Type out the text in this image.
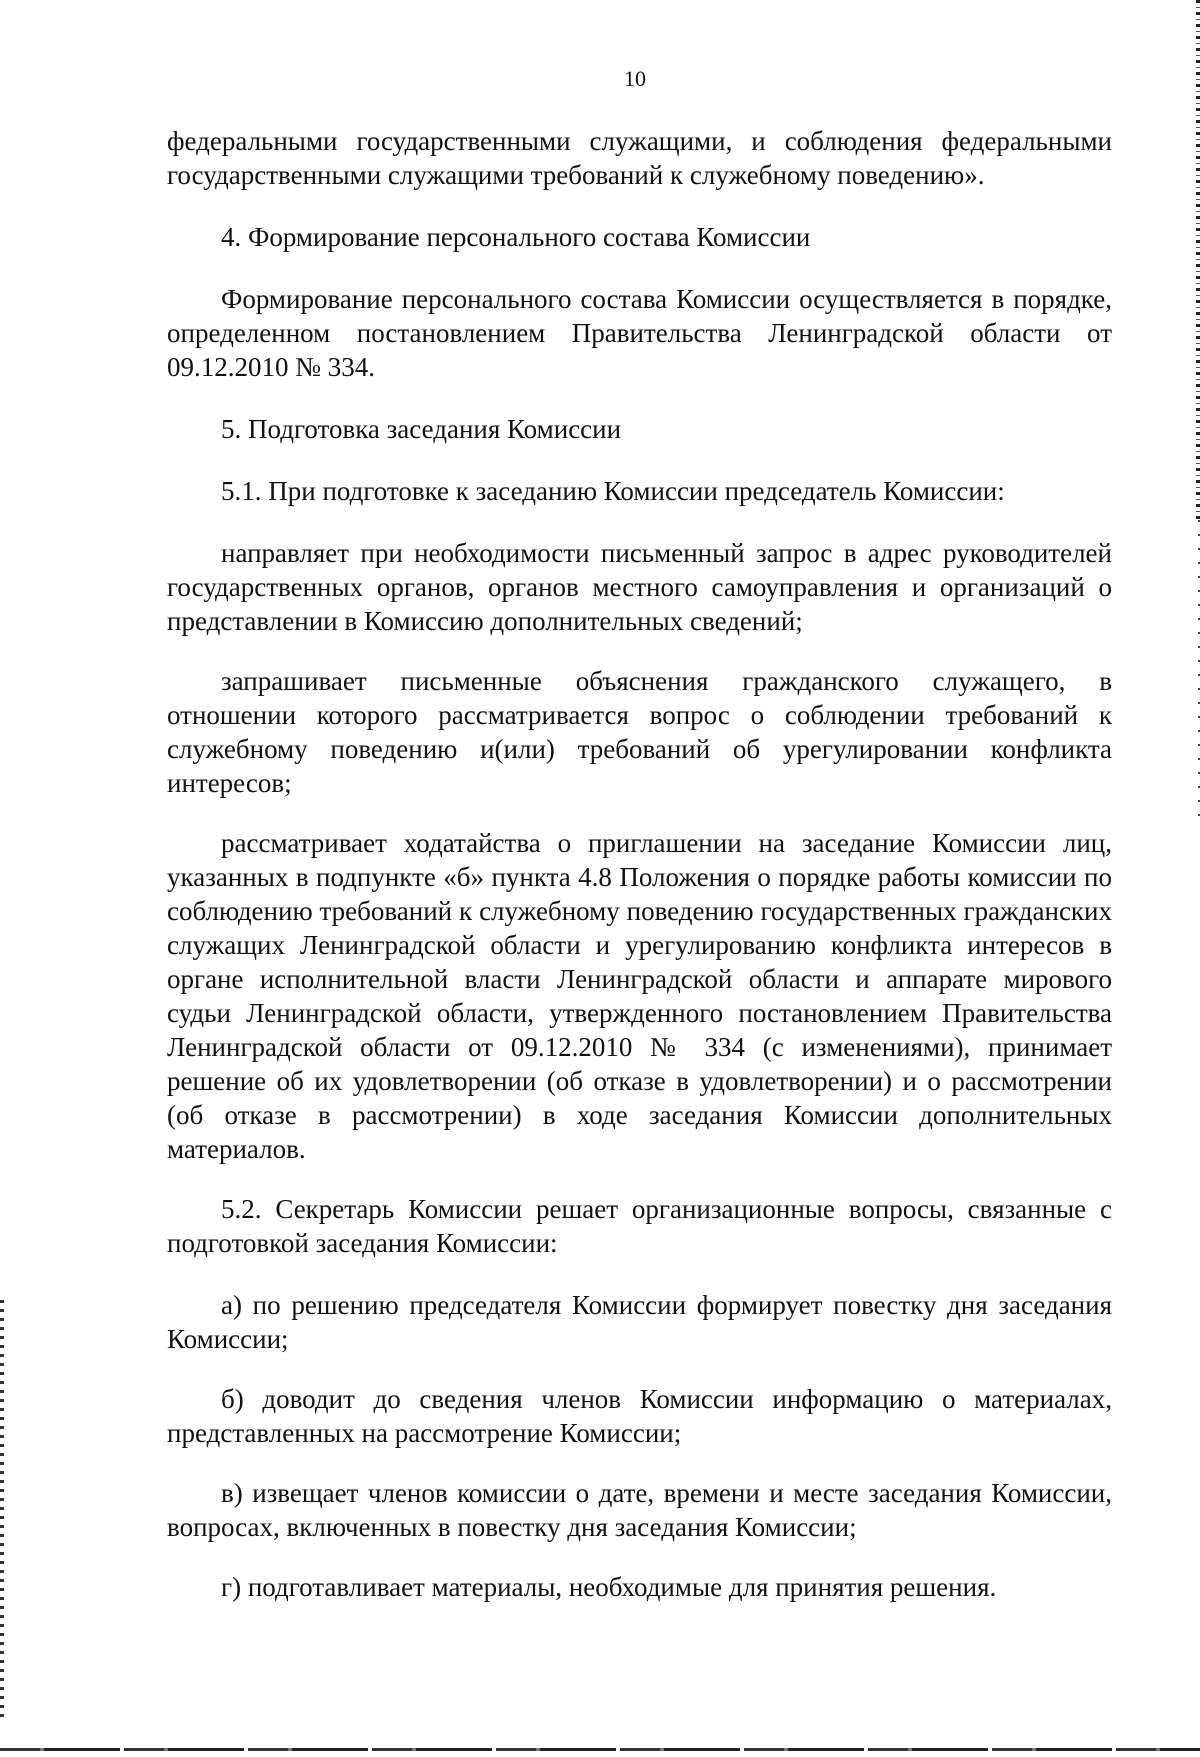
10

федеральными государственными служащими, и соблюдения федеральными государственными служащими требований к служебному поведению».

4. Формирование персонального состава Комиссии

Формирование персонального состава Комиссии осуществляется в порядке, определенном постановлением Правительства Ленинградской области от 09.12.2010 № 334.

5. Подготовка заседания Комиссии

5.1. При подготовке к заседанию Комиссии председатель Комиссии:

направляет при необходимости письменный запрос в адрес руководителей государственных органов, органов местного самоуправления и организаций о представлении в Комиссию дополнительных сведений;

запрашивает письменные объяснения гражданского служащего, в отношении которого рассматривается вопрос о соблюдении требований к служебному поведению и(или) требований об урегулировании конфликта интересов;

рассматривает ходатайства о приглашении на заседание Комиссии лиц, указанных в подпункте «б» пункта 4.8 Положения о порядке работы комиссии по соблюдению требований к служебному поведению государственных гражданских служащих Ленинградской области и урегулированию конфликта интересов в органе исполнительной власти Ленинградской области и аппарате мирового судьи Ленинградской области, утвержденного постановлением Правительства Ленинградской области от 09.12.2010 № 334 (с изменениями), принимает решение об их удовлетворении (об отказе в удовлетворении) и о рассмотрении (об отказе в рассмотрении) в ходе заседания Комиссии дополнительных материалов.

5.2. Секретарь Комиссии решает организационные вопросы, связанные с подготовкой заседания Комиссии:

а) по решению председателя Комиссии формирует повестку дня заседания Комиссии;

б) доводит до сведения членов Комиссии информацию о материалах, представленных на рассмотрение Комиссии;

в) извещает членов комиссии о дате, времени и месте заседания Комиссии, вопросах, включенных в повестку дня заседания Комиссии;

г) подготавливает материалы, необходимые для принятия решения.
